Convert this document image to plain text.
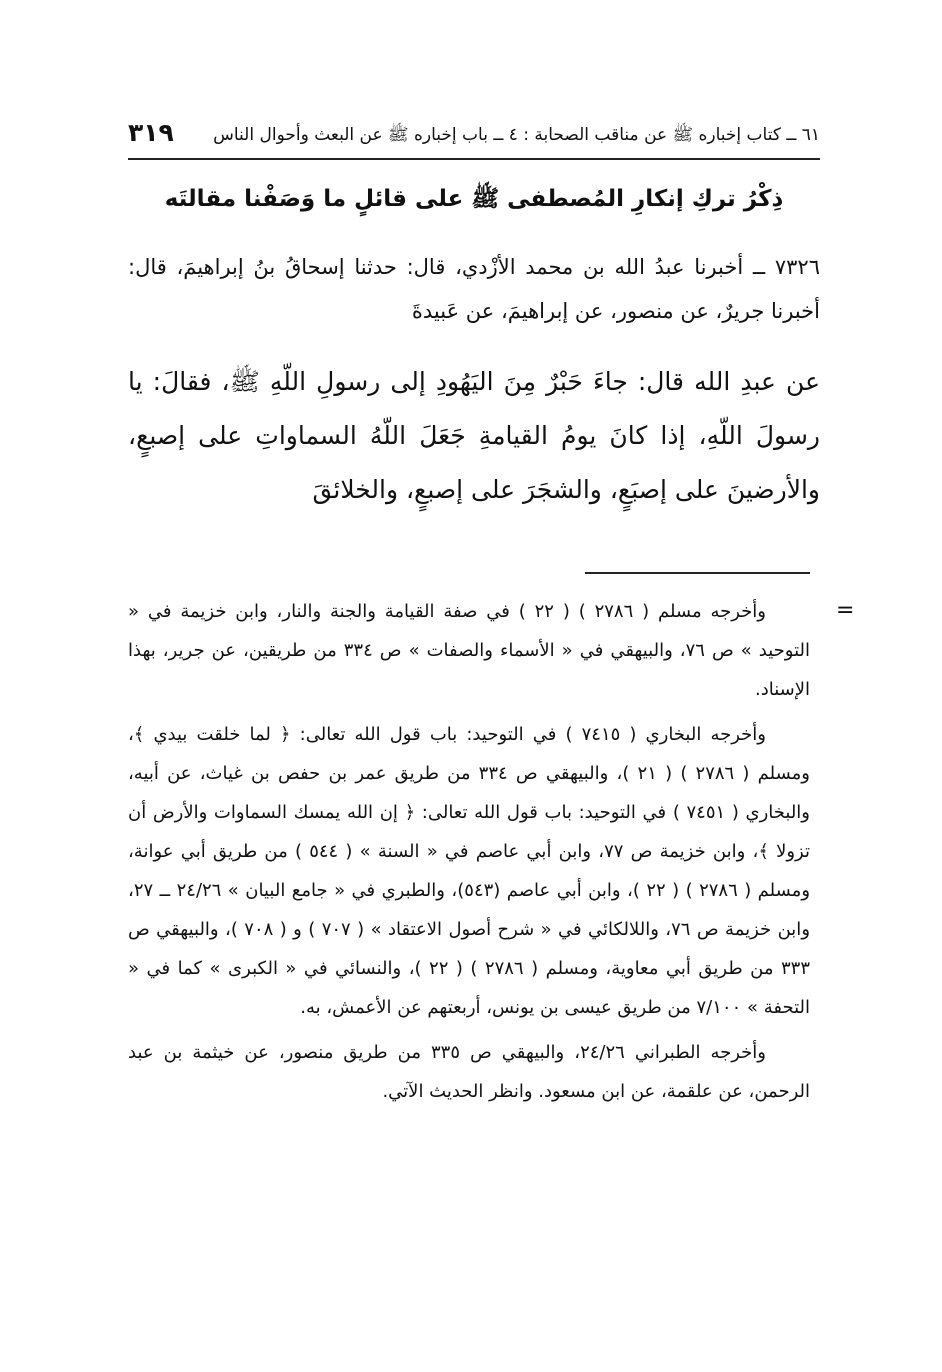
٦١ ــ كتاب إخباره ﷺ عن مناقب الصحابة : ٤ ــ باب إخباره ﷺ عن البعث وأحوال الناس
٣١٩
ذِكْرُ تركِ إنكارِ المُصطفى ﷺ على قائلٍ ما وَصَفْنا مقالتَه

٧٣٢٦ ــ أخبرنا عبدُ الله بن محمد الأزْدي، قال: حدثنا إسحاقُ بنُ إبراهيمَ، قال: أخبرنا جريرٌ، عن منصور، عن إبراهيمَ، عن عَبيدةَ

عن عبدِ الله قال: جاءَ حَبْرٌ مِنَ اليَهُودِ إلى رسولِ اللّهِ ﷺ، فقالَ: يا رسولَ اللّهِ، إذا كانَ يومُ القيامةِ جَعَلَ اللّهُ السماواتِ على إصبعٍ، والأرضينَ على إصبَعٍ، والشجَرَ على إصبعٍ، والخلائقَ

=

وأخرجه مسلم ( ٢٧٨٦ ) ( ٢٢ ) في صفة القيامة والجنة والنار، وابن خزيمة في « التوحيد » ص ٧٦، والبيهقي في « الأسماء والصفات » ص ٣٣٤ من طريقين، عن جرير، بهذا الإسناد.

وأخرجه البخاري ( ٧٤١٥ ) في التوحيد: باب قول الله تعالى: ﴿ لما خلقت بيدي ﴾، ومسلم ( ٢٧٨٦ ) ( ٢١ )، والبيهقي ص ٣٣٤ من طريق عمر بن حفص بن غياث، عن أبيه، والبخاري ( ٧٤٥١ ) في التوحيد: باب قول الله تعالى: ﴿ إن الله يمسك السماوات والأرض أن تزولا ﴾، وابن خزيمة ص ٧٧، وابن أبي عاصم في « السنة » ( ٥٤٤ ) من طريق أبي عوانة، ومسلم ( ٢٧٨٦ ) ( ٢٢ )، وابن أبي عاصم (٥٤٣)، والطبري في « جامع البيان » ٢٤/٢٦ ــ ٢٧، وابن خزيمة ص ٧٦، واللالكائي في « شرح أصول الاعتقاد » ( ٧٠٧ ) و ( ٧٠٨ )، والبيهقي ص ٣٣٣ من طريق أبي معاوية، ومسلم ( ٢٧٨٦ ) ( ٢٢ )، والنسائي في « الكبرى » كما في « التحفة » ٧/١٠٠ من طريق عيسى بن يونس، أربعتهم عن الأعمش، به.

وأخرجه الطبراني ٢٤/٢٦، والبيهقي ص ٣٣٥ من طريق منصور، عن خيثمة بن عبد الرحمن، عن علقمة، عن ابن مسعود. وانظر الحديث الآتي.
